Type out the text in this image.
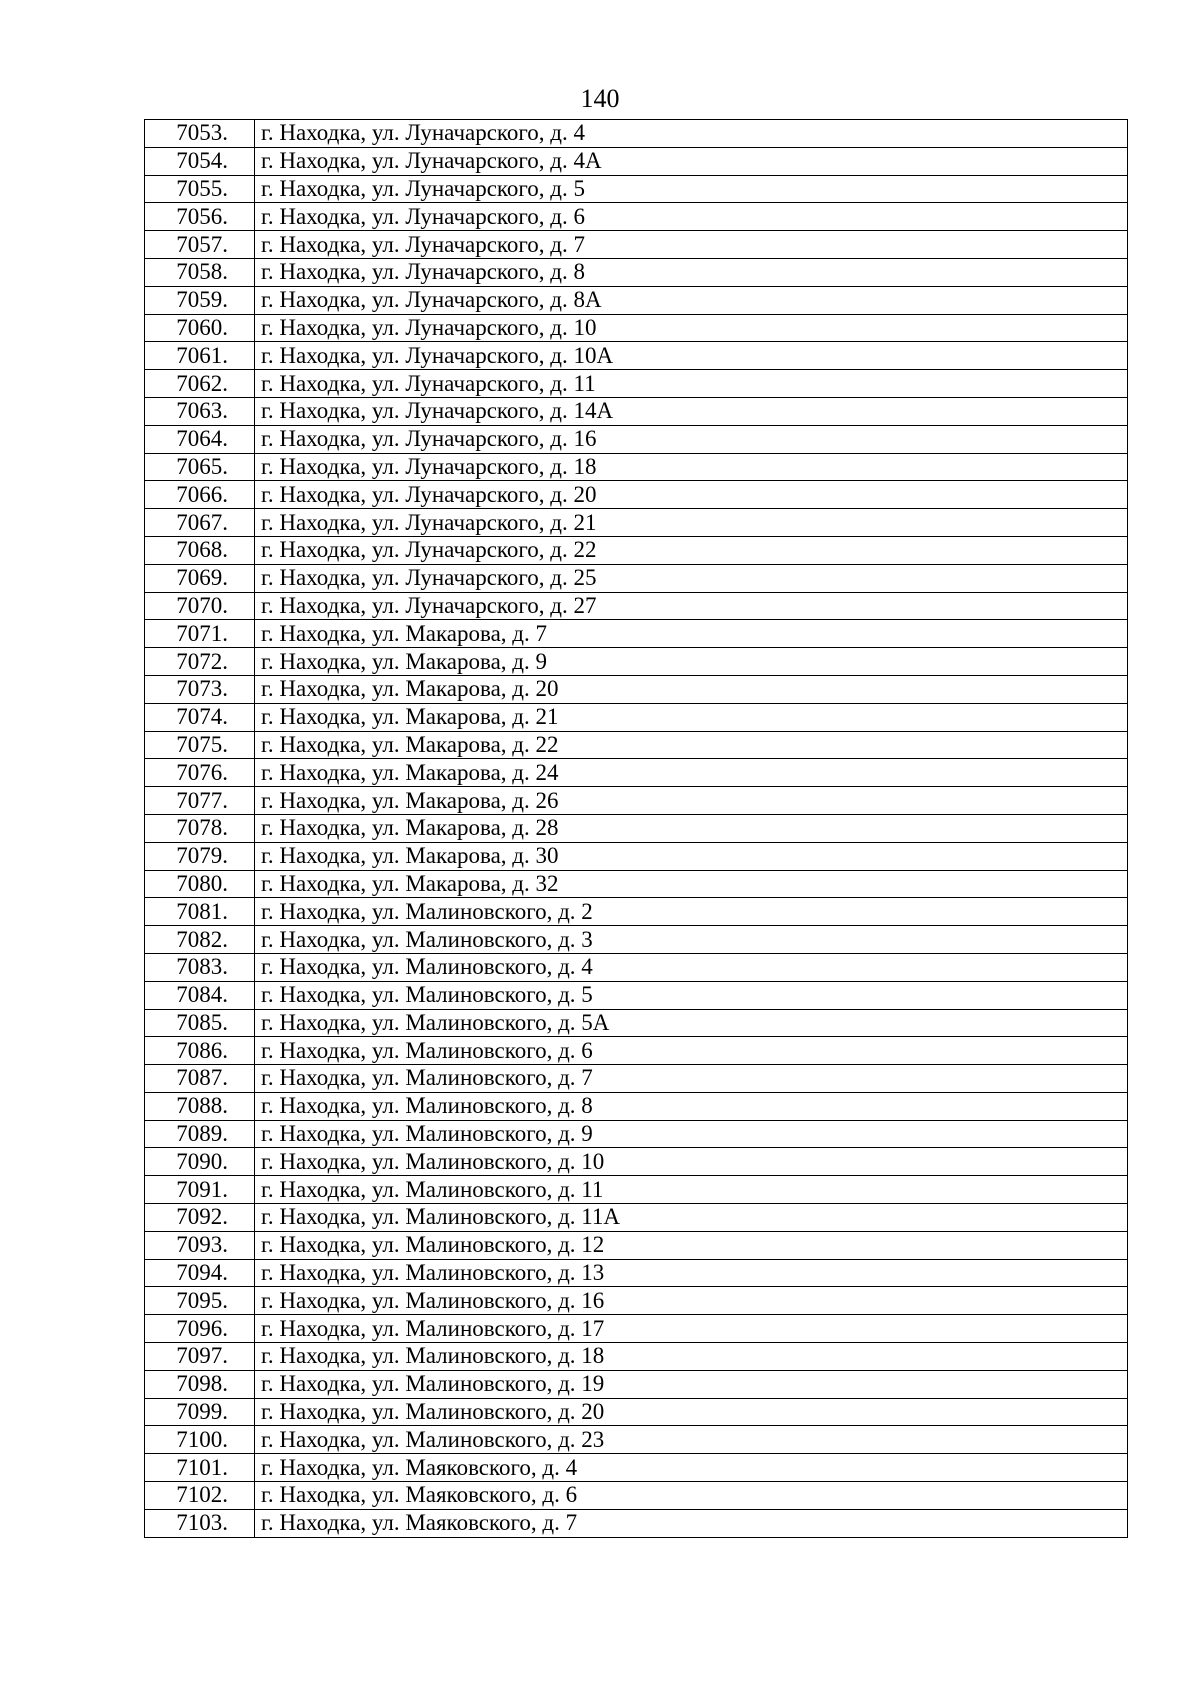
140
7053.	г. Находка, ул. Луначарского, д. 4
7054.	г. Находка, ул. Луначарского, д. 4А
7055.	г. Находка, ул. Луначарского, д. 5
7056.	г. Находка, ул. Луначарского, д. 6
7057.	г. Находка, ул. Луначарского, д. 7
7058.	г. Находка, ул. Луначарского, д. 8
7059.	г. Находка, ул. Луначарского, д. 8А
7060.	г. Находка, ул. Луначарского, д. 10
7061.	г. Находка, ул. Луначарского, д. 10А
7062.	г. Находка, ул. Луначарского, д. 11
7063.	г. Находка, ул. Луначарского, д. 14А
7064.	г. Находка, ул. Луначарского, д. 16
7065.	г. Находка, ул. Луначарского, д. 18
7066.	г. Находка, ул. Луначарского, д. 20
7067.	г. Находка, ул. Луначарского, д. 21
7068.	г. Находка, ул. Луначарского, д. 22
7069.	г. Находка, ул. Луначарского, д. 25
7070.	г. Находка, ул. Луначарского, д. 27
7071.	г. Находка, ул. Макарова, д. 7
7072.	г. Находка, ул. Макарова, д. 9
7073.	г. Находка, ул. Макарова, д. 20
7074.	г. Находка, ул. Макарова, д. 21
7075.	г. Находка, ул. Макарова, д. 22
7076.	г. Находка, ул. Макарова, д. 24
7077.	г. Находка, ул. Макарова, д. 26
7078.	г. Находка, ул. Макарова, д. 28
7079.	г. Находка, ул. Макарова, д. 30
7080.	г. Находка, ул. Макарова, д. 32
7081.	г. Находка, ул. Малиновского, д. 2
7082.	г. Находка, ул. Малиновского, д. 3
7083.	г. Находка, ул. Малиновского, д. 4
7084.	г. Находка, ул. Малиновского, д. 5
7085.	г. Находка, ул. Малиновского, д. 5А
7086.	г. Находка, ул. Малиновского, д. 6
7087.	г. Находка, ул. Малиновского, д. 7
7088.	г. Находка, ул. Малиновского, д. 8
7089.	г. Находка, ул. Малиновского, д. 9
7090.	г. Находка, ул. Малиновского, д. 10
7091.	г. Находка, ул. Малиновского, д. 11
7092.	г. Находка, ул. Малиновского, д. 11А
7093.	г. Находка, ул. Малиновского, д. 12
7094.	г. Находка, ул. Малиновского, д. 13
7095.	г. Находка, ул. Малиновского, д. 16
7096.	г. Находка, ул. Малиновского, д. 17
7097.	г. Находка, ул. Малиновского, д. 18
7098.	г. Находка, ул. Малиновского, д. 19
7099.	г. Находка, ул. Малиновского, д. 20
7100.	г. Находка, ул. Малиновского, д. 23
7101.	г. Находка, ул. Маяковского, д. 4
7102.	г. Находка, ул. Маяковского, д. 6
7103.	г. Находка, ул. Маяковского, д. 7
